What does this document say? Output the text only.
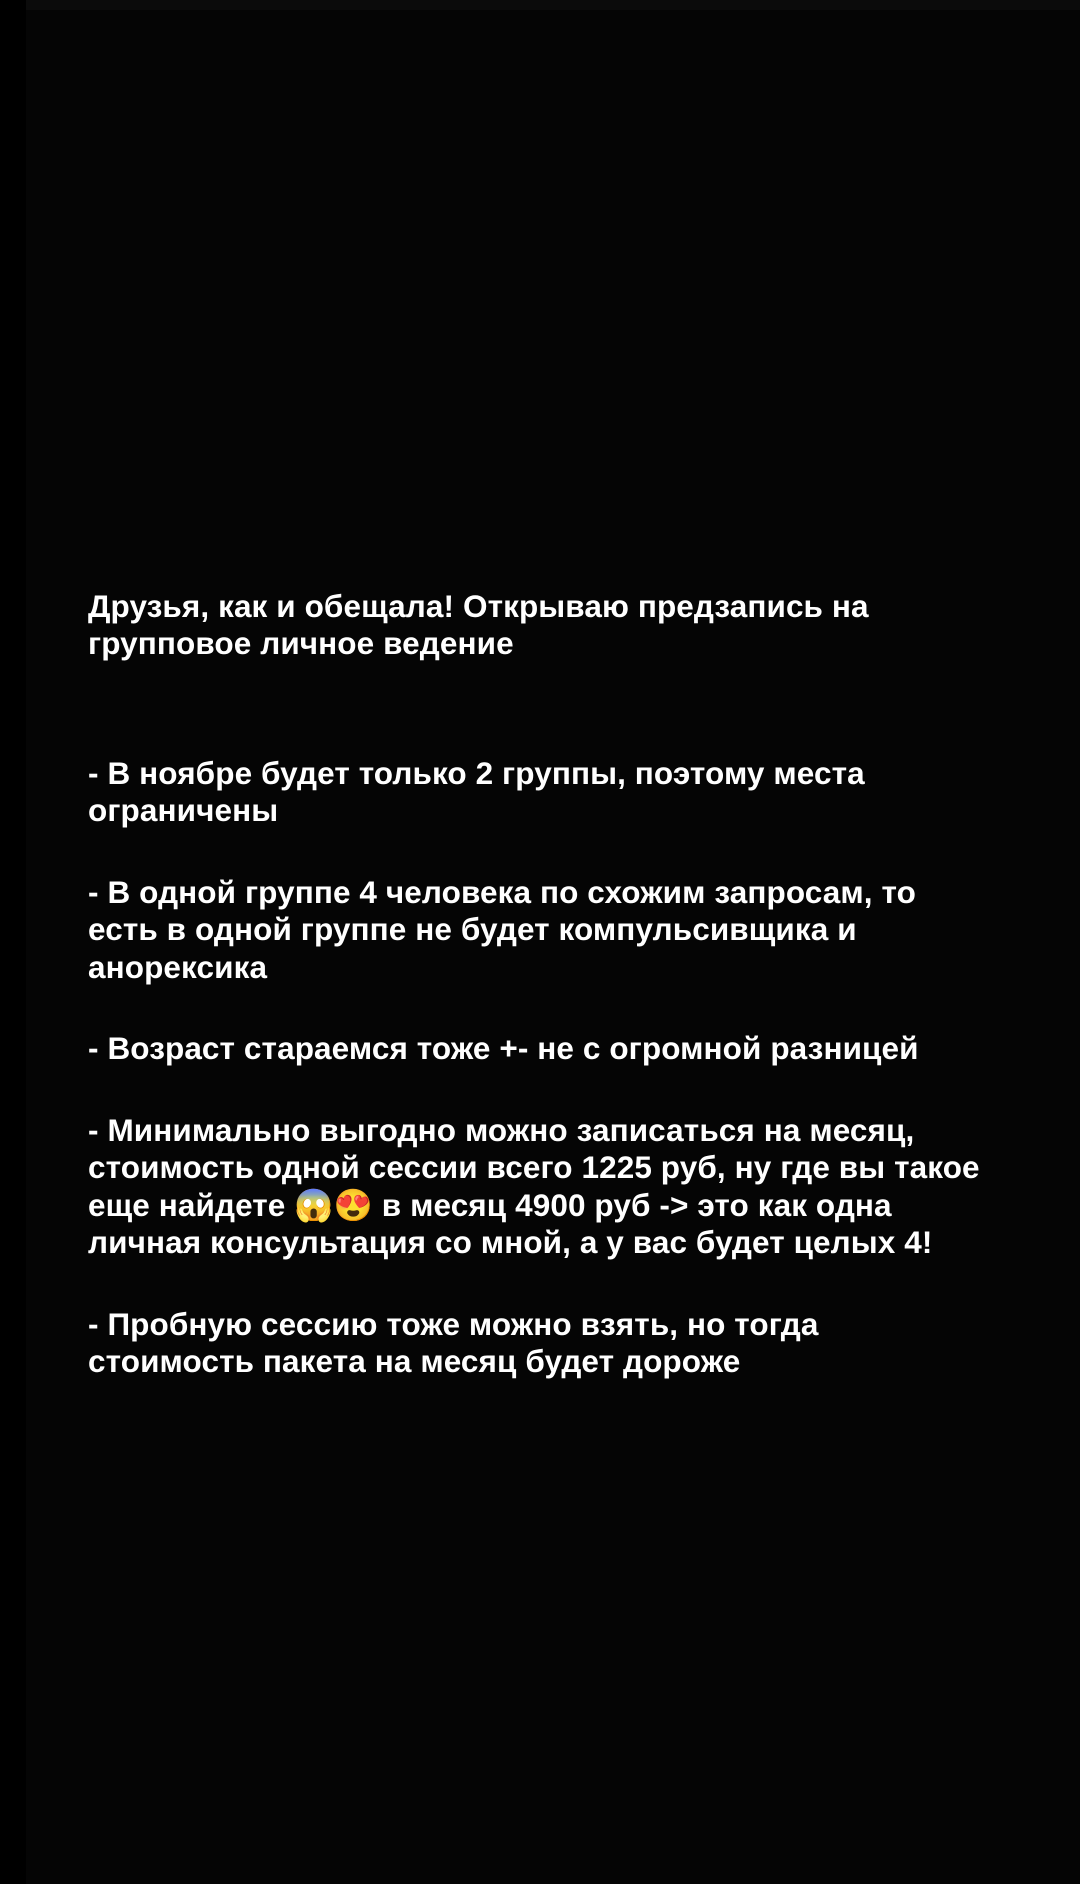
Друзья, как и обещала! Открываю предзапись на групповое личное ведение

- В ноябре будет только 2 группы, поэтому места ограничены

- В одной группе 4 человека по схожим запросам, то есть в одной группе не будет компульсивщика и анорексика

- Возраст стараемся тоже +- не с огромной разницей

- Минимально выгодно можно записаться на месяц, стоимость одной сессии всего 1225 руб, ну где вы такое еще найдете 😱😍 в месяц 4900 руб -> это как одна личная консультация со мной, а у вас будет целых 4!

- Пробную сессию тоже можно взять, но тогда стоимость пакета на месяц будет дороже
